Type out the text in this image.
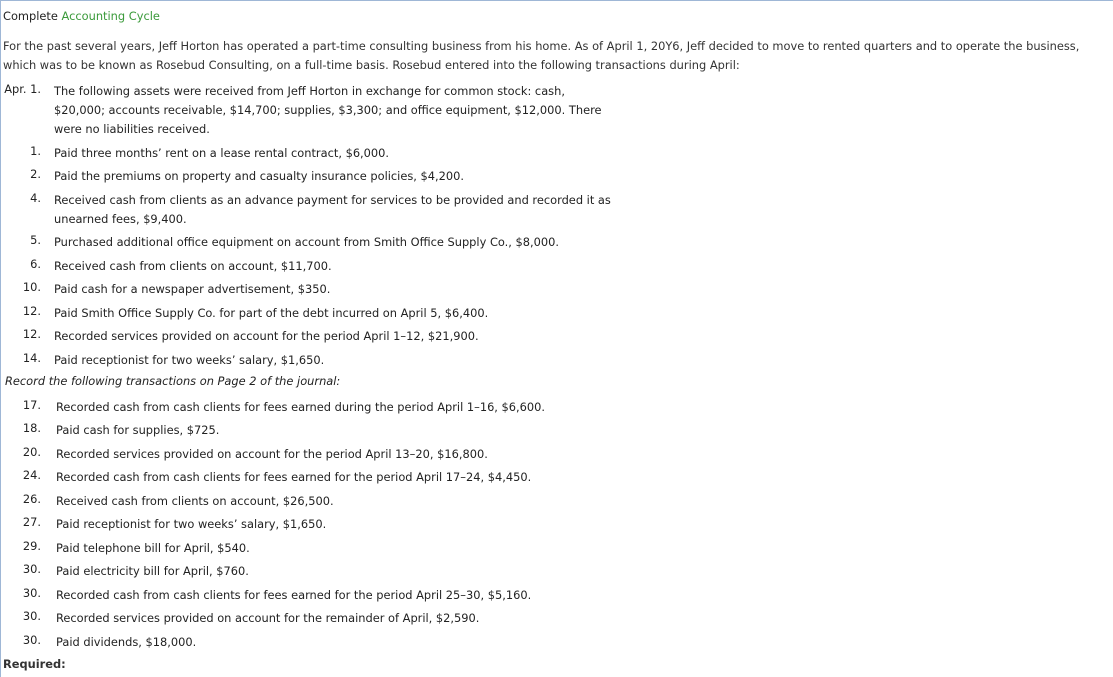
Complete Accounting Cycle
For the past several years, Jeff Horton has operated a part-time consulting business from his home. As of April 1, 20Y6, Jeff decided to move to rented quarters and to operate the business, which was to be known as Rosebud Consulting, on a full-time basis. Rosebud entered into the following transactions during April:
Apr. 1. The following assets were received from Jeff Horton in exchange for common stock: cash,
$20,000; accounts receivable, $14,700; supplies, $3,300; and office equipment, $12,000. There
were no liabilities received.
1. Paid three months’ rent on a lease rental contract, $6,000.
2. Paid the premiums on property and casualty insurance policies, $4,200.
4. Received cash from clients as an advance payment for services to be provided and recorded it as
unearned fees, $9,400.
5. Purchased additional office equipment on account from Smith Office Supply Co., $8,000.
6. Received cash from clients on account, $11,700.
10. Paid cash for a newspaper advertisement, $350.
12. Paid Smith Office Supply Co. for part of the debt incurred on April 5, $6,400.
12. Recorded services provided on account for the period April 1–12, $21,900.
14. Paid receptionist for two weeks’ salary, $1,650.
Record the following transactions on Page 2 of the journal:
17. Recorded cash from cash clients for fees earned during the period April 1–16, $6,600.
18. Paid cash for supplies, $725.
20. Recorded services provided on account for the period April 13–20, $16,800.
24. Recorded cash from cash clients for fees earned for the period April 17–24, $4,450.
26. Received cash from clients on account, $26,500.
27. Paid receptionist for two weeks’ salary, $1,650.
29. Paid telephone bill for April, $540.
30. Paid electricity bill for April, $760.
30. Recorded cash from cash clients for fees earned for the period April 25–30, $5,160.
30. Recorded services provided on account for the remainder of April, $2,590.
30. Paid dividends, $18,000.
Required:
